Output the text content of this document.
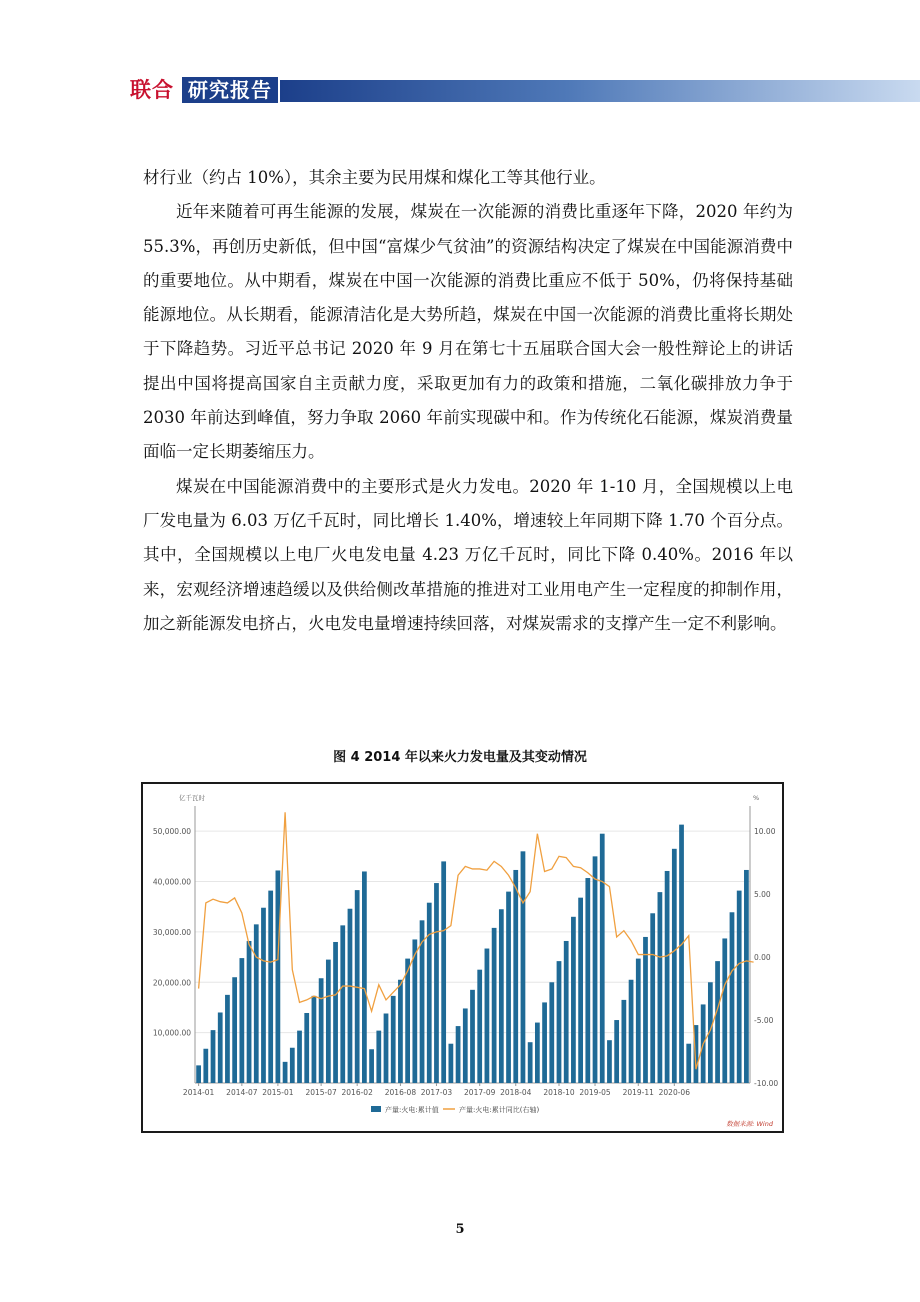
联合 研究报告

材行业（约占 10%），其余主要为民用煤和煤化工等其他行业。

近年来随着可再生能源的发展，煤炭在一次能源的消费比重逐年下降，2020 年约为 55.3%，再创历史新低，但中国“富煤少气贫油”的资源结构决定了煤炭在中国能源消费中的重要地位。从中期看，煤炭在中国一次能源的消费比重应不低于 50%，仍将保持基础能源地位。从长期看，能源清洁化是大势所趋，煤炭在中国一次能源的消费比重将长期处于下降趋势。习近平总书记 2020 年 9 月在第七十五届联合国大会一般性辩论上的讲话提出中国将提高国家自主贡献力度，采取更加有力的政策和措施，二氧化碳排放力争于 2030 年前达到峰值，努力争取 2060 年前实现碳中和。作为传统化石能源，煤炭消费量面临一定长期萎缩压力。

煤炭在中国能源消费中的主要形式是火力发电。2020 年 1-10 月，全国规模以上电厂发电量为 6.03 万亿千瓦时，同比增长 1.40%，增速较上年同期下降 1.70 个百分点。其中，全国规模以上电厂火电发电量 4.23 万亿千瓦时，同比下降 0.40%。2016 年以来，宏观经济增速趋缓以及供给侧改革措施的推进对工业用电产生一定程度的抑制作用，加之新能源发电挤占，火电发电量增速持续回落，对煤炭需求的支撑产生一定不利影响。

图 4 2014 年以来火力发电量及其变动情况
10,000.00
20,000.00
30,000.00
40,000.00
50,000.00
-10.00
-5.00
0.00
5.00
10.00
亿千瓦时	%
2014-01 2014-07 2015-01 2015-07 2016-02 2016-08 2017-03 2017-09 2018-04 2018-10 2019-05 2019-11 2020-06
产量:火电:累计值	产量:火电:累计同比(右轴)
数据来源: Wind
5
